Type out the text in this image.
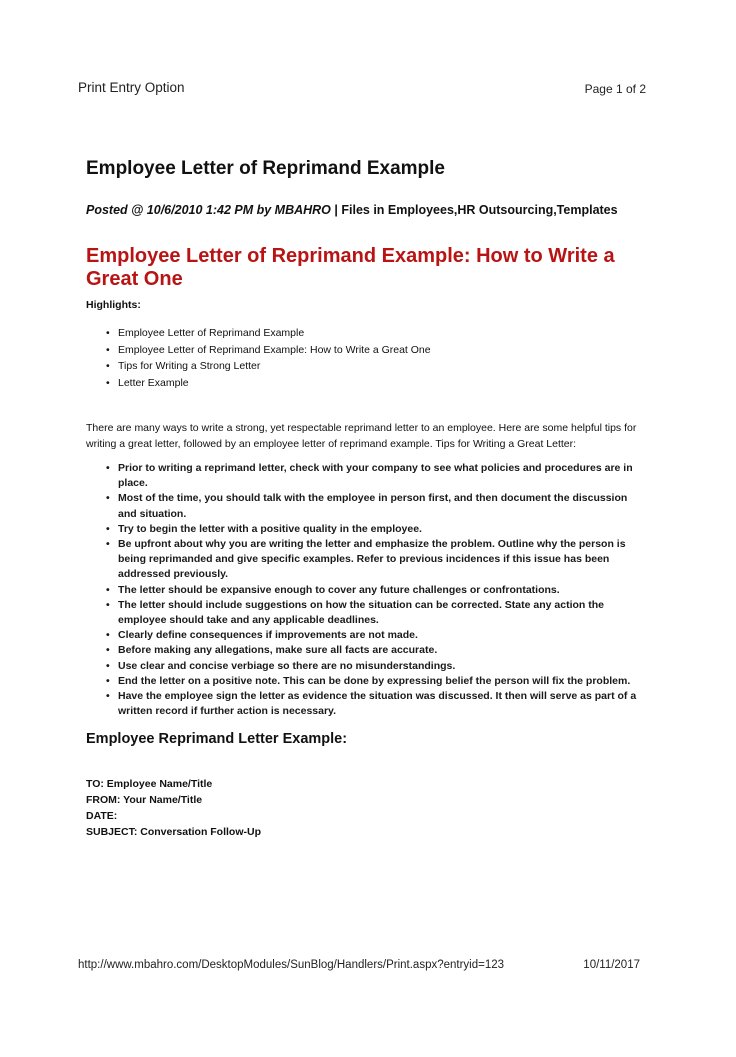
Print Entry Option	Page 1 of 2
Employee Letter of Reprimand Example
Posted @ 10/6/2010 1:42 PM by MBAHRO | Files in Employees,HR Outsourcing,Templates
Employee Letter of Reprimand Example: How to Write a Great One
Highlights:
• Employee Letter of Reprimand Example
• Employee Letter of Reprimand Example: How to Write a Great One
• Tips for Writing a Strong Letter
• Letter Example
There are many ways to write a strong, yet respectable reprimand letter to an employee. Here are some helpful tips for writing a great letter, followed by an employee letter of reprimand example. Tips for Writing a Great Letter:
• Prior to writing a reprimand letter, check with your company to see what policies and procedures are in place.
• Most of the time, you should talk with the employee in person first, and then document the discussion and situation.
• Try to begin the letter with a positive quality in the employee.
• Be upfront about why you are writing the letter and emphasize the problem. Outline why the person is being reprimanded and give specific examples. Refer to previous incidences if this issue has been addressed previously.
• The letter should be expansive enough to cover any future challenges or confrontations.
• The letter should include suggestions on how the situation can be corrected. State any action the employee should take and any applicable deadlines.
• Clearly define consequences if improvements are not made.
• Before making any allegations, make sure all facts are accurate.
• Use clear and concise verbiage so there are no misunderstandings.
• End the letter on a positive note. This can be done by expressing belief the person will fix the problem.
• Have the employee sign the letter as evidence the situation was discussed. It then will serve as part of a written record if further action is necessary.
Employee Reprimand Letter Example:
TO: Employee Name/Title
FROM: Your Name/Title
DATE:
SUBJECT: Conversation Follow-Up
http://www.mbahro.com/DesktopModules/SunBlog/Handlers/Print.aspx?entryid=123	10/11/2017
